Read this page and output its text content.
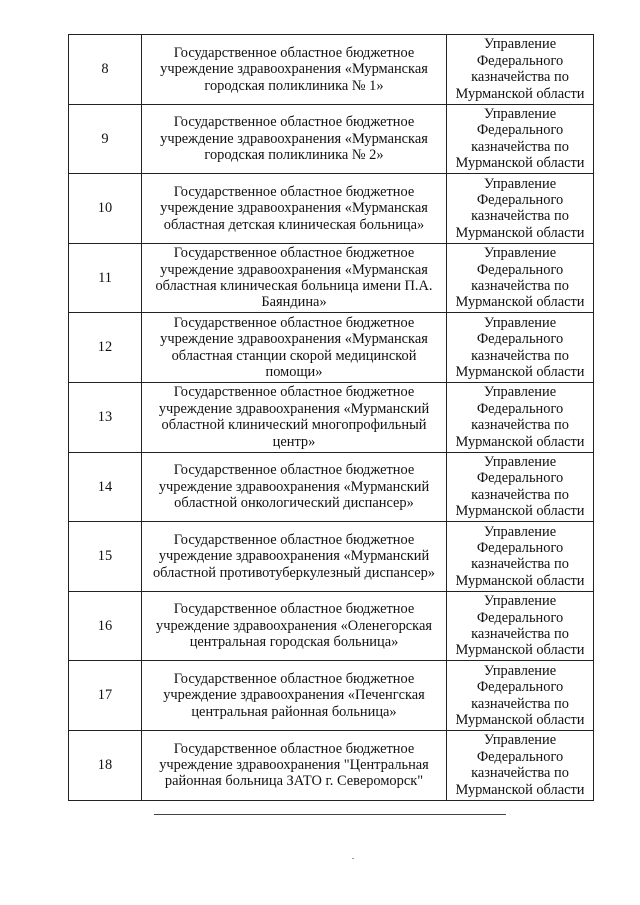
8	Государственное областное бюджетное учреждение здравоохранения «Мурманская городская поликлиника № 1»	Управление Федерального казначейства по Мурманской области
9	Государственное областное бюджетное учреждение здравоохранения «Мурманская городская поликлиника № 2»	Управление Федерального казначейства по Мурманской области
10	Государственное областное бюджетное учреждение здравоохранения «Мурманская областная детская клиническая больница»	Управление Федерального казначейства по Мурманской области
11	Государственное областное бюджетное учреждение здравоохранения «Мурманская областная клиническая больница имени П.А. Баяндина»	Управление Федерального казначейства по Мурманской области
12	Государственное областное бюджетное учреждение здравоохранения «Мурманская областная станции скорой медицинской помощи»	Управление Федерального казначейства по Мурманской области
13	Государственное областное бюджетное учреждение здравоохранения «Мурманский областной клинический многопрофильный центр»	Управление Федерального казначейства по Мурманской области
14	Государственное областное бюджетное учреждение здравоохранения «Мурманский областной онкологический диспансер»	Управление Федерального казначейства по Мурманской области
15	Государственное областное бюджетное учреждение здравоохранения «Мурманский областной противотуберкулезный диспансер»	Управление Федерального казначейства по Мурманской области
16	Государственное областное бюджетное учреждение здравоохранения «Оленегорская центральная городская больница»	Управление Федерального казначейства по Мурманской области
17	Государственное областное бюджетное учреждение здравоохранения «Печенгская центральная районная больница»	Управление Федерального казначейства по Мурманской области
18	Государственное областное бюджетное учреждение здравоохранения "Центральная районная больница ЗАТО г. Североморск"	Управление Федерального казначейства по Мурманской области
